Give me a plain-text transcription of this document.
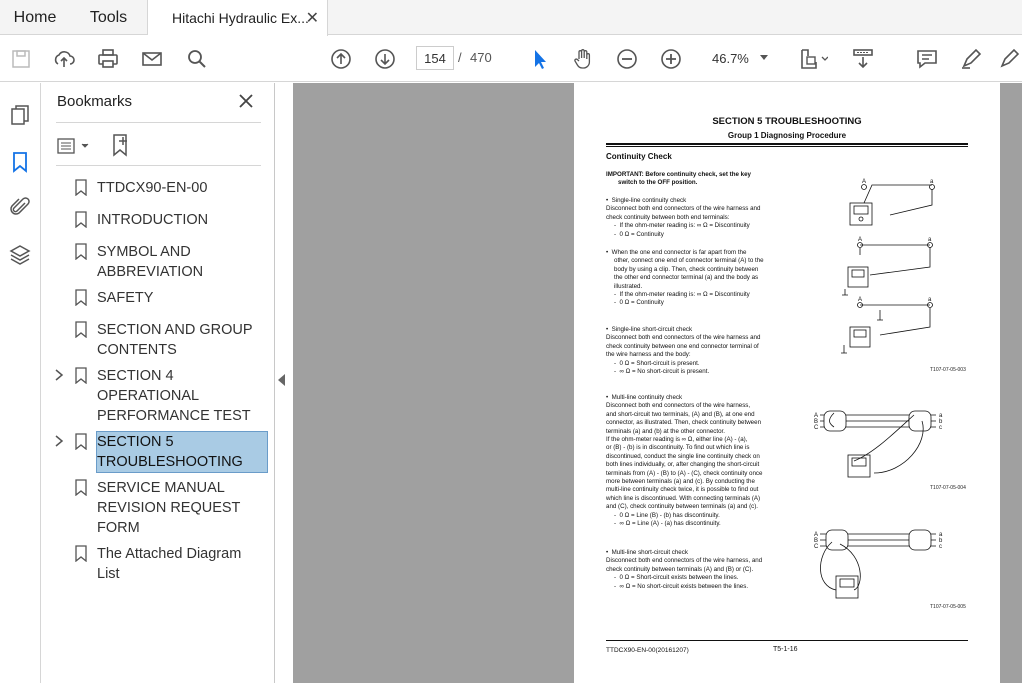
Home	Tools	Hitachi Hydraulic Ex...
✕
154 / 470	46.7%
Bookmarks
TTDCX90-EN-00
INTRODUCTION
SYMBOL AND ABBREVIATION
SAFETY
SECTION AND GROUP CONTENTS
SECTION 4 OPERATIONAL PERFORMANCE TEST
SECTION 5 TROUBLESHOOTING
SERVICE MANUAL REVISION REQUEST FORM
The Attached Diagram List
SECTION 5 TROUBLESHOOTING
Group 1 Diagnosing Procedure
Continuity Check
IMPORTANT: Before continuity check, set the key
switch to the OFF position.
•  Single-line continuity check
Disconnect both end connectors of the wire harness and
check continuity between both end terminals:
-  If the ohm-meter reading is: ∞ Ω = Discontinuity
-  0 Ω = Continuity
•  When the one end connector is far apart from the
other, connect one end of connector terminal (A) to the
body by using a clip. Then, check continuity between
the other end connector terminal (a) and the body as
illustrated.
-  If the ohm-meter reading is: ∞ Ω = Discontinuity
-  0 Ω = Continuity
•  Single-line short-circuit check
Disconnect both end connectors of the wire harness and
check continuity between one end connector terminal of
the wire harness and the body:
-  0 Ω = Short-circuit is present.
-  ∞ Ω = No short-circuit is present.
•  Multi-line continuity check
Disconnect both end connectors of the wire harness,
and short-circuit two terminals, (A) and (B), at one end
connector, as illustrated. Then, check continuity between
terminals (a) and (b) at the other connector.
If the ohm-meter reading is ∞ Ω, either line (A) - (a),
or (B) - (b) is in discontinuity. To find out which line is
discontinued, conduct the single line continuity check on
both lines individually, or, after changing the short-circuit
terminals from (A) - (B) to (A) - (C), check continuity once
more between terminals (a) and (c). By conducting the
multi-line continuity check twice, it is possible to find out
which line is discontinued. With connecting terminals (A)
and (C), check continuity between terminals (a) and (c).
-  0 Ω = Line (B) - (b) has discontinuity.
-  ∞ Ω = Line (A) - (a) has discontinuity.
•  Multi-line short-circuit check
Disconnect both end connectors of the wire harness, and
check continuity between terminals (A) and (B) or (C).
-  0 Ω = Short-circuit exists between the lines.
-  ∞ Ω = No short-circuit exists between the lines.
A	a
A	a
A	a
T107-07-05-003
A
B
C
a
b
c
T107-07-05-004
A
B
C
a
b
c
T107-07-05-005
TTDCX90-EN-00(20161207)	T5-1-16
